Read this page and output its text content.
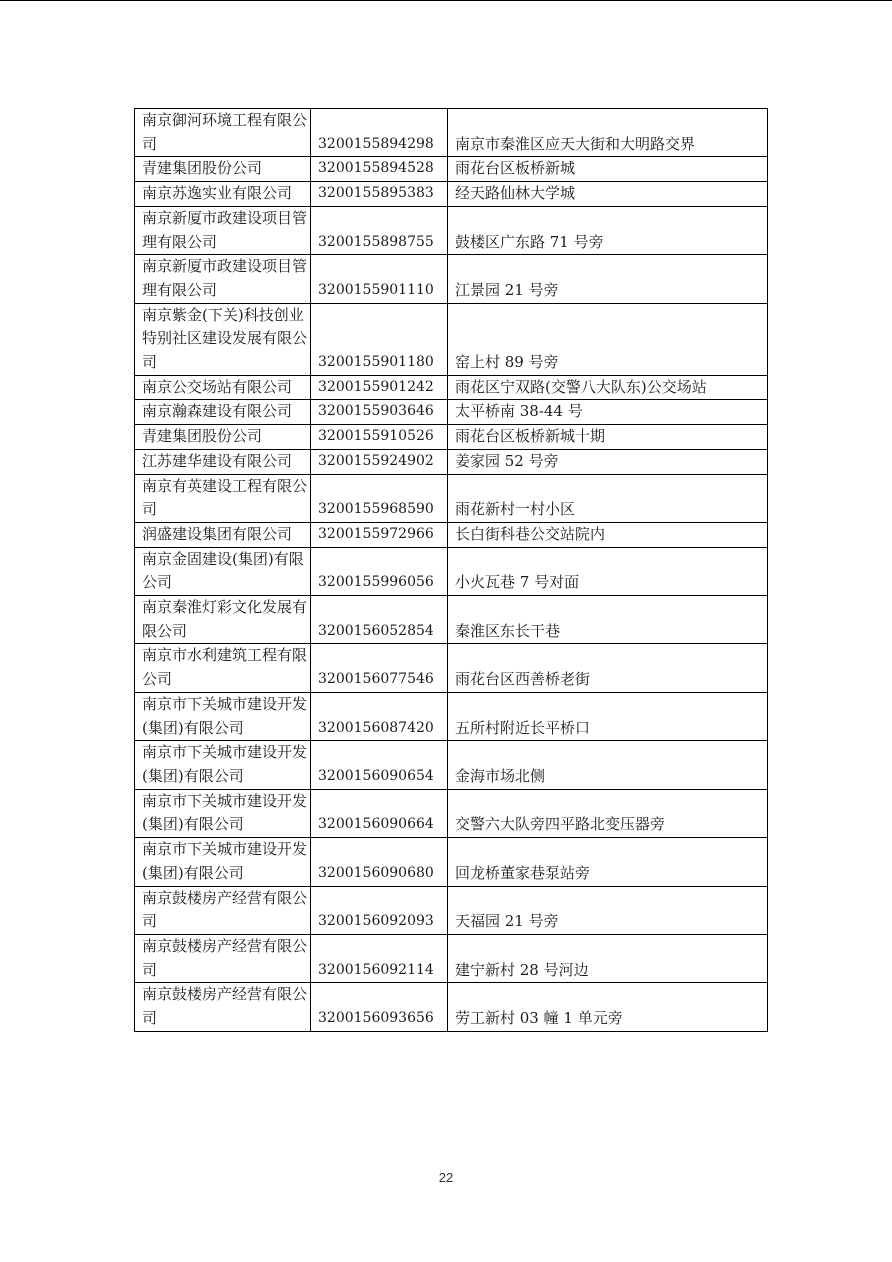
南京御河环境工程有限公司	3200155894298	南京市秦淮区应天大街和大明路交界
青建集团股份公司	3200155894528	雨花台区板桥新城
南京苏逸实业有限公司	3200155895383	经天路仙林大学城
南京新厦市政建设项目管理有限公司	3200155898755	鼓楼区广东路 71 号旁
南京新厦市政建设项目管理有限公司	3200155901110	江景园 21 号旁
南京紫金(下关)科技创业特别社区建设发展有限公司	3200155901180	窑上村 89 号旁
南京公交场站有限公司	3200155901242	雨花区宁双路(交警八大队东)公交场站
南京瀚森建设有限公司	3200155903646	太平桥南 38-44 号
青建集团股份公司	3200155910526	雨花台区板桥新城十期
江苏建华建设有限公司	3200155924902	姜家园 52 号旁
南京有英建设工程有限公司	3200155968590	雨花新村一村小区
润盛建设集团有限公司	3200155972966	长白街科巷公交站院内
南京金固建设(集团)有限公司	3200155996056	小火瓦巷 7 号对面
南京秦淮灯彩文化发展有限公司	3200156052854	秦淮区东长干巷
南京市水利建筑工程有限公司	3200156077546	雨花台区西善桥老街
南京市下关城市建设开发(集团)有限公司	3200156087420	五所村附近长平桥口
南京市下关城市建设开发(集团)有限公司	3200156090654	金海市场北侧
南京市下关城市建设开发(集团)有限公司	3200156090664	交警六大队旁四平路北变压器旁
南京市下关城市建设开发(集团)有限公司	3200156090680	回龙桥董家巷泵站旁
南京鼓楼房产经营有限公司	3200156092093	天福园 21 号旁
南京鼓楼房产经营有限公司	3200156092114	建宁新村 28 号河边
南京鼓楼房产经营有限公司	3200156093656	劳工新村 03 幢 1 单元旁
22
